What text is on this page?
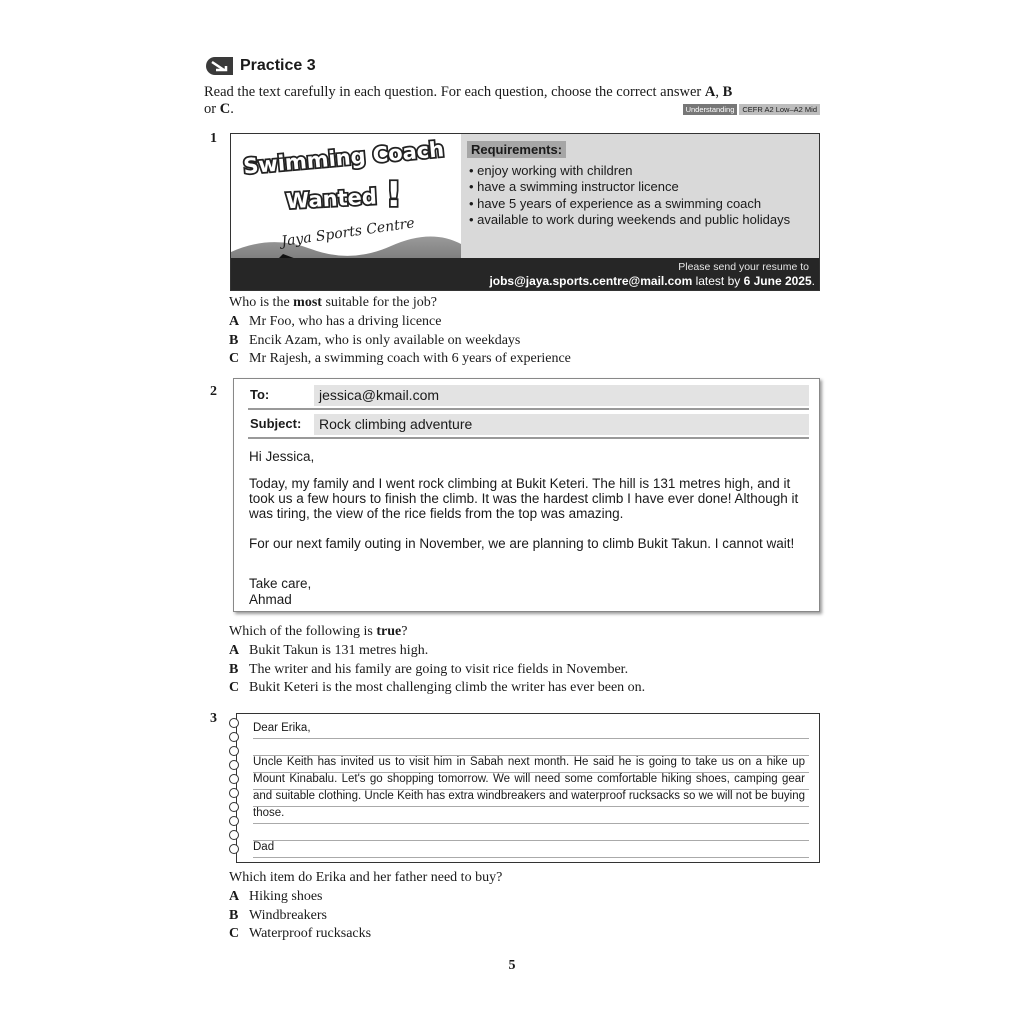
Practice 3
Read the text carefully in each question. For each question, choose the correct answer A, B
or C.	Understanding	CEFR A2 Low–A2 Mid
1 Swimming Coach
Wanted !
Jaya Sports Centre
Requirements:
• enjoy working with children
• have a swimming instructor licence
• have 5 years of experience as a swimming coach
• available to work during weekends and public holidays
Please send your resume to
jobs@jaya.sports.centre@mail.com latest by 6 June 2025.
Who is the most suitable for the job?
A Mr Foo, who has a driving licence
B Encik Azam, who is only available on weekdays
C Mr Rajesh, a swimming coach with 6 years of experience
2	To:	jessica@kmail.com
Subject:	Rock climbing adventure
Hi Jessica,
Today, my family and I went rock climbing at Bukit Keteri. The hill is 131 metres high, and it took us a few hours to finish the climb. It was the hardest climb I have ever done! Although it was tiring, the view of the rice fields from the top was amazing.
For our next family outing in November, we are planning to climb Bukit Takun. I cannot wait!
Take care,
Ahmad
Which of the following is true?
A Bukit Takun is 131 metres high.
B The writer and his family are going to visit rice fields in November.
C Bukit Keteri is the most challenging climb the writer has ever been on.
3
Dear Erika,
Uncle Keith has invited us to visit him in Sabah next month. He said he is going to take us on a hike up Mount Kinabalu. Let's go shopping tomorrow. We will need some comfortable hiking shoes, camping gear and suitable clothing. Uncle Keith has extra windbreakers and waterproof rucksacks so we will not be buying those.
Dad
Which item do Erika and her father need to buy?
A Hiking shoes
B Windbreakers
C Waterproof rucksacks
5
